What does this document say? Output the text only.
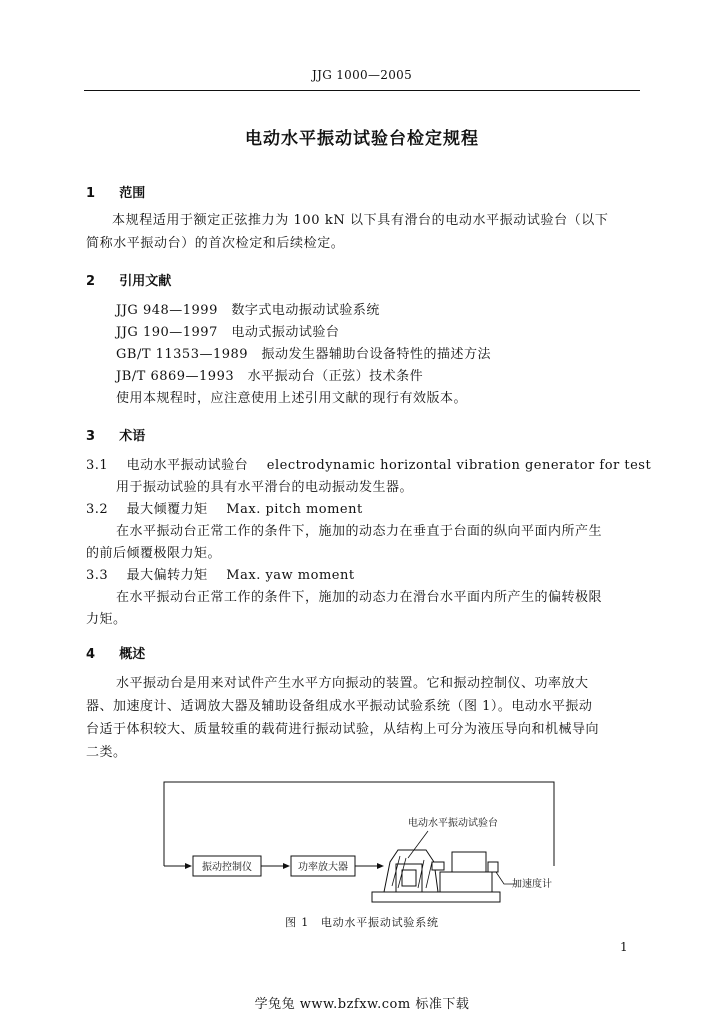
JJG 1000—2005
电动水平振动试验台检定规程
1 范围
本规程适用于额定正弦推力为 100 kN 以下具有滑台的电动水平振动试验台（以下
简称水平振动台）的首次检定和后续检定。
2 引用文献
JJG 948—1999　数字式电动振动试验系统
JJG 190—1997　电动式振动试验台
GB/T 11353—1989　振动发生器辅助台设备特性的描述方法
JB/T 6869—1993　水平振动台（正弦）技术条件
使用本规程时，应注意使用上述引用文献的现行有效版本。
3 术语
3.1 电动水平振动试验台 electrodynamic horizontal vibration generator for test
用于振动试验的具有水平滑台的电动振动发生器。
3.2 最大倾覆力矩 Max. pitch moment
在水平振动台正常工作的条件下，施加的动态力在垂直于台面的纵向平面内所产生
的前后倾覆极限力矩。
3.3 最大偏转力矩 Max. yaw moment
在水平振动台正常工作的条件下，施加的动态力在滑台水平面内所产生的偏转极限
力矩。
4 概述
水平振动台是用来对试件产生水平方向振动的装置。它和振动控制仪、功率放大
器、加速度计、适调放大器及辅助设备组成水平振动试验系统（图 1）。电动水平振动
台适于体积较大、质量较重的载荷进行振动试验，从结构上可分为液压导向和机械导向
二类。
振动控制仪	功率放大器
电动水平振动试验台
加速度计
图 1　电动水平振动试验系统
1
学兔兔 www.bzfxw.com 标准下载
